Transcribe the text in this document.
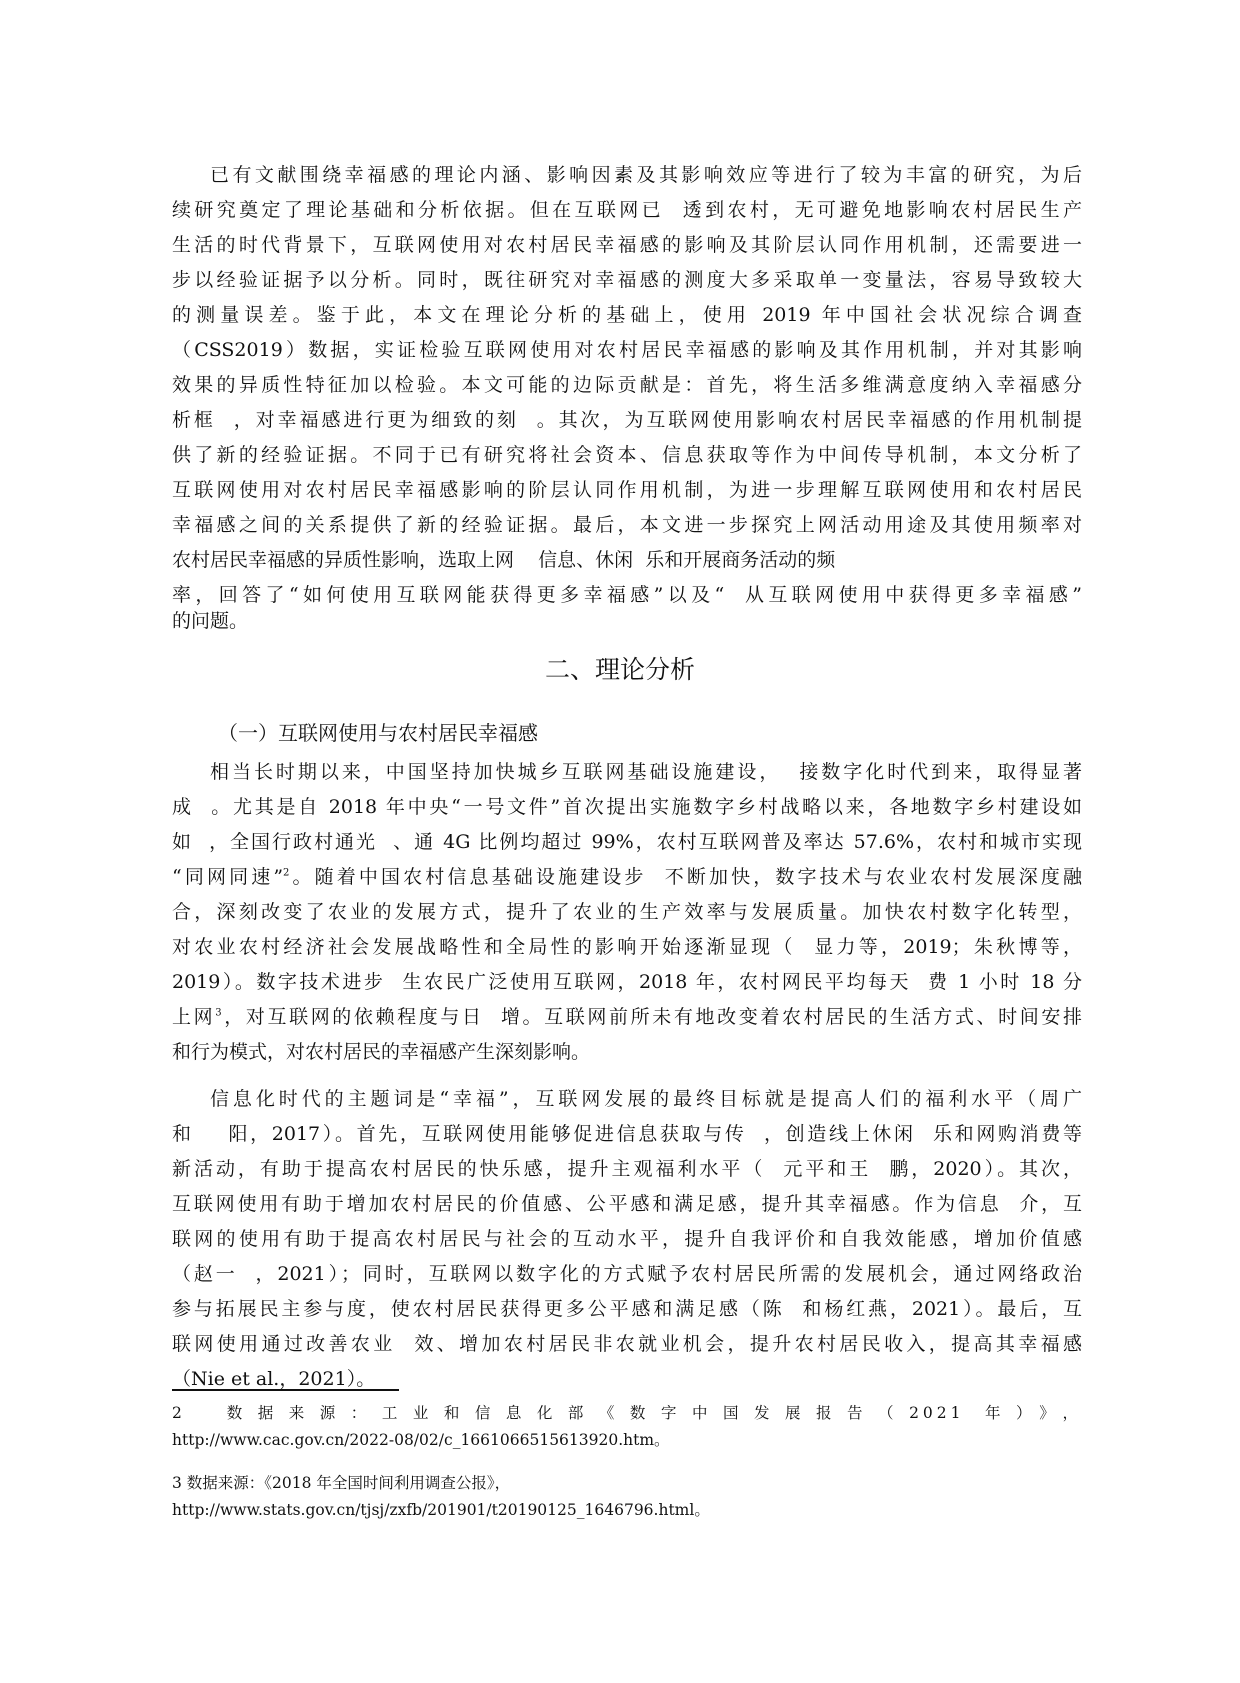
已有文献围绕幸福感的理论内涵、影响因素及其影响效应等进行了较为丰富的研究，为后
续研究奠定了理论基础和分析依据。但在互联网已  透到农村，无可避免地影响农村居民生产
生活的时代背景下，互联网使用对农村居民幸福感的影响及其阶层认同作用机制，还需要进一
步以经验证据予以分析。同时，既往研究对幸福感的测度大多采取单一变量法，容易导致较大
的测量误差。鉴于此，本文在理论分析的基础上，使用 2019 年中国社会状况综合调查
（CSS2019）数据，实证检验互联网使用对农村居民幸福感的影响及其作用机制，并对其影响
效果的异质性特征加以检验。本文可能的边际贡献是：首先，将生活多维满意度纳入幸福感分
析框  ，对幸福感进行更为细致的刻  。其次，为互联网使用影响农村居民幸福感的作用机制提
供了新的经验证据。不同于已有研究将社会资本、信息获取等作为中间传导机制，本文分析了
互联网使用对农村居民幸福感影响的阶层认同作用机制，为进一步理解互联网使用和农村居民
幸福感之间的关系提供了新的经验证据。最后，本文进一步探究上网活动用途及其使用频率对
农村居民幸福感的异质性影响，选取上网    信息、休闲  乐和开展商务活动的频
率，回答了“如何使用互联网能获得更多幸福感”以及“  从互联网使用中获得更多幸福感”
的问题。
二、理论分析
（一）互联网使用与农村居民幸福感
相当长时期以来，中国坚持加快城乡互联网基础设施建设，  接数字化时代到来，取得显著
成  。尤其是自 2018 年中央“一号文件”首次提出实施数字乡村战略以来，各地数字乡村建设如
如  ，全国行政村通光  、通 4G 比例均超过 99%，农村互联网普及率达 57.6%，农村和城市实现
“同网同速”$^2$。随着中国农村信息基础设施建设步  不断加快，数字技术与农业农村发展深度融
合，深刻改变了农业的发展方式，提升了农业的生产效率与发展质量。加快农村数字化转型，
对农业农村经济社会发展战略性和全局性的影响开始逐渐显现（  显力等，2019；朱秋博等，
2019）。数字技术进步  生农民广泛使用互联网，2018 年，农村网民平均每天  费 1 小时 18 分
上网$^3$，对互联网的依赖程度与日  增。互联网前所未有地改变着农村居民的生活方式、时间安排
和行为模式，对农村居民的幸福感产生深刻影响。
信息化时代的主题词是“幸福”，互联网发展的最终目标就是提高人们的福利水平（周广
和    阳，2017）。首先，互联网使用能够促进信息获取与传  ，创造线上休闲  乐和网购消费等
新活动，有助于提高农村居民的快乐感，提升主观福利水平（  元平和王  鹏，2020）。其次，
互联网使用有助于增加农村居民的价值感、公平感和满足感，提升其幸福感。作为信息  介，互
联网的使用有助于提高农村居民与社会的互动水平，提升自我评价和自我效能感，增加价值感
（赵一  ，2021）；同时，互联网以数字化的方式赋予农村居民所需的发展机会，通过网络政治
参与拓展民主参与度，使农村居民获得更多公平感和满足感（陈  和杨红燕，2021）。最后，互
联网使用通过改善农业  效、增加农村居民非农就业机会，提升农村居民收入，提高其幸福感
（Nie et al.，2021）。
2  数据来源：工业和信息化部《数字中国发展报告（2021 年）》，
http://www.cac.gov.cn/2022-08/02/c_1661066515613920.htm。
3 数据来源：《2018 年全国时间利用调查公报》，
http://www.stats.gov.cn/tjsj/zxfb/201901/t20190125_1646796.html。
